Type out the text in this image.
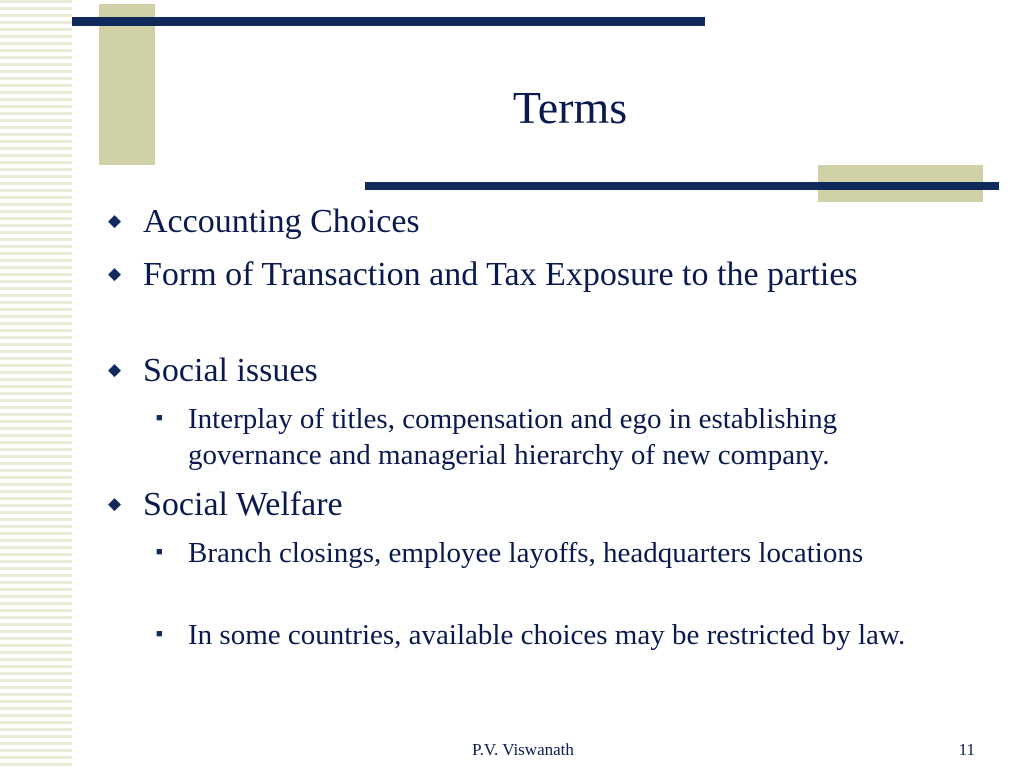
Terms
◆ Accounting Choices
◆ Form of Transaction and Tax Exposure to the parties
◆ Social issues
■ Interplay of titles, compensation and ego in establishing governance and managerial hierarchy of new company.
◆ Social Welfare
■ Branch closings, employee layoffs, headquarters locations
■ In some countries, available choices may be restricted by law.
P.V. Viswanath	11
